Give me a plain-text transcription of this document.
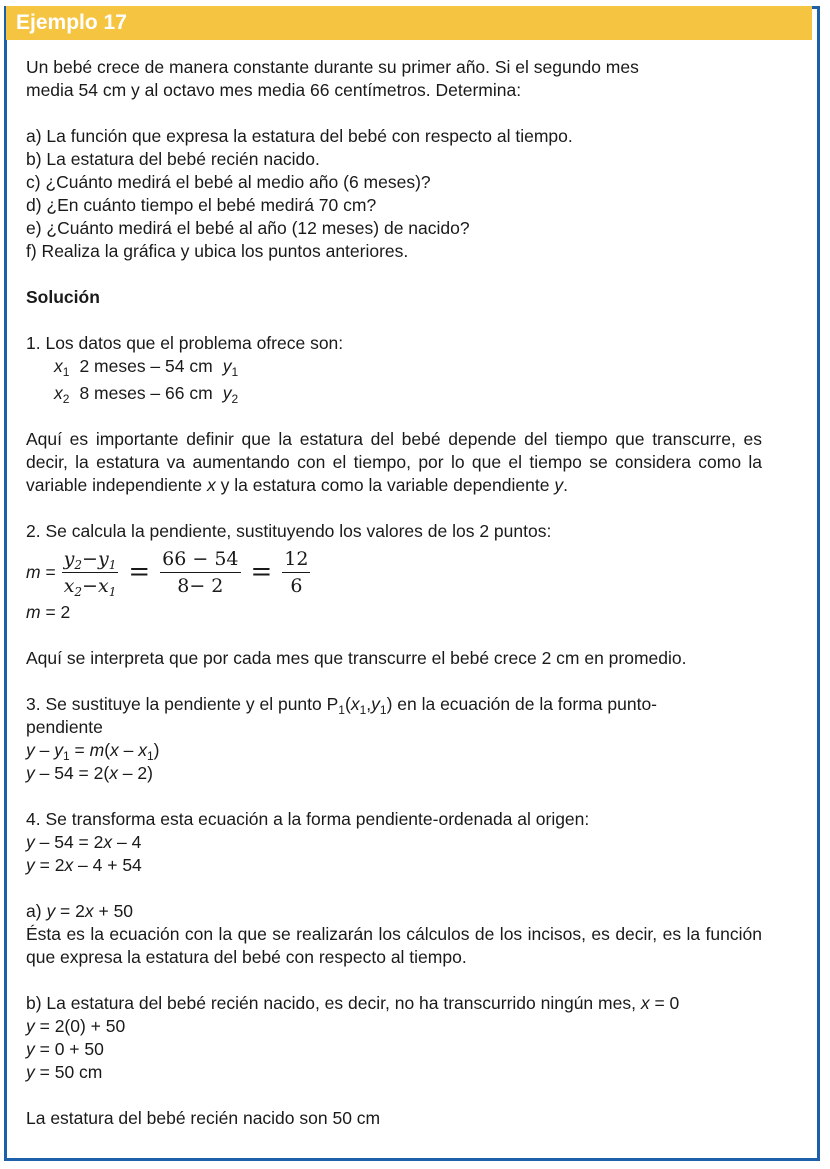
Ejemplo 17
Un bebé crece de manera constante durante su primer año. Si el segundo mes
media 54 cm y al octavo mes media 66 centímetros. Determina:
a) La función que expresa la estatura del bebé con respecto al tiempo.
b) La estatura del bebé recién nacido.
c) ¿Cuánto medirá el bebé al medio año (6 meses)?
d) ¿En cuánto tiempo el bebé medirá 70 cm?
e) ¿Cuánto medirá el bebé al año (12 meses) de nacido?
f) Realiza la gráfica y ubica los puntos anteriores.
Solución
1. Los datos que el problema ofrece son:
$x_1$ 2 meses – 54 cm $y_1$
$x_2$ 8 meses – 66 cm $y_2$
Aquí es importante definir que la estatura del bebé depende del tiempo que transcurre, es decir, la estatura va aumentando con el tiempo, por lo que el tiempo se considera como la variable independiente x y la estatura como la variable dependiente y.
2. Se calcula la pendiente, sustituyendo los valores de los 2 puntos:
$m = \frac{y_2-y_1}{x_2-x_1} = \frac{66 - 54}{8- 2} = \frac{12}{6}$
m = 2
Aquí se interpreta que por cada mes que transcurre el bebé crece 2 cm en promedio.
3. Se sustituye la pendiente y el punto $P_1(x_1,y_1)$ en la ecuación de la forma punto-
pendiente
$y - y_1 = m(x - x_1)$
y – 54 = 2(x – 2)
4. Se transforma esta ecuación a la forma pendiente-ordenada al origen:
y – 54 = 2x – 4
y = 2x – 4 + 54
a) y = 2x + 50
Ésta es la ecuación con la que se realizarán los cálculos de los incisos, es decir, es la función que expresa la estatura del bebé con respecto al tiempo.
b) La estatura del bebé recién nacido, es decir, no ha transcurrido ningún mes, x = 0
y = 2(0) + 50
y = 0 + 50
y = 50 cm
La estatura del bebé recién nacido son 50 cm
